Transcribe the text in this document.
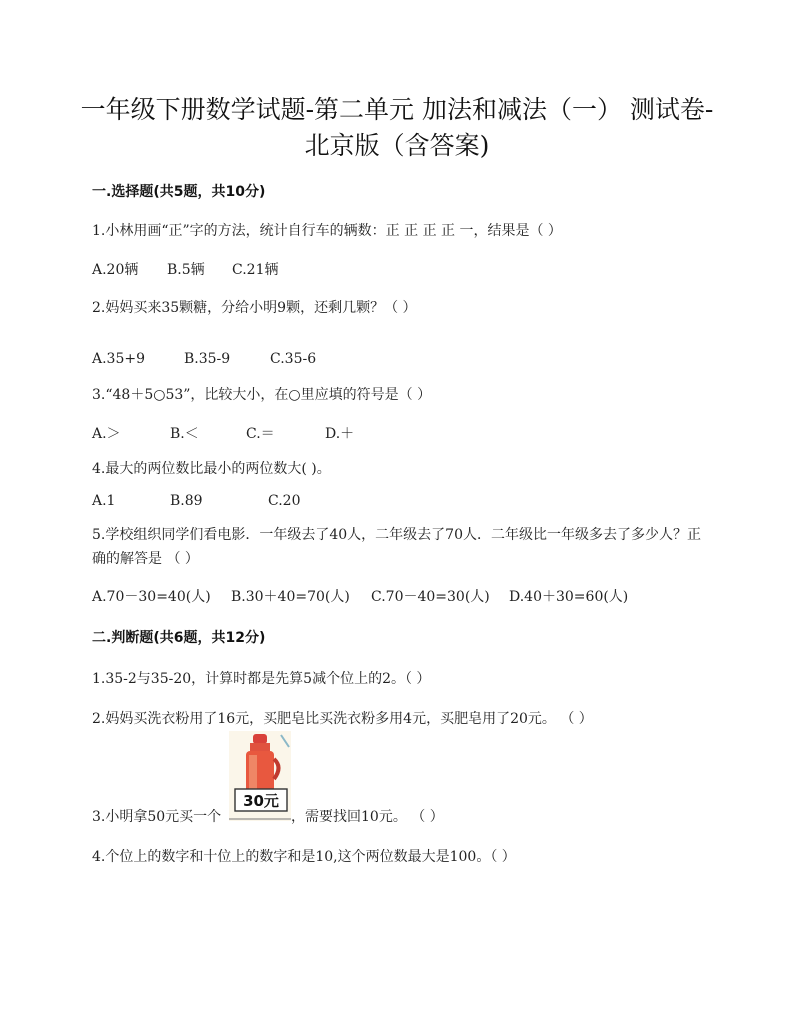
一年级下册数学试题-第二单元 加法和减法（一） 测试卷-
北京版（含答案)
一.选择题(共5题，共10分)
1.小林用画“正”字的方法，统计自行车的辆数：正 正 正 正 一，结果是（ ）
A.20辆 B.5辆 C.21辆
2.妈妈买来35颗糖，分给小明9颗，还剩几颗？（ ）
A.35+9	B.35-9	C.35-6
3.“48＋5○53”，比较大小，在○里应填的符号是（ ）
A.＞	B.＜	C.＝	D.＋
4.最大的两位数比最小的两位数大( )。
A.1	B.89	C.20
5.学校组织同学们看电影．一年级去了40人，二年级去了70人．二年级比一年级多去了多少人？正确的解答是 （ ）
A.70－30=40(人) B.30＋40=70(人) C.70－40=30(人) D.40＋30=60(人)
二.判断题(共6题，共12分)
1.35-2与35-20，计算时都是先算5减个位上的2。（ ）
2.妈妈买洗衣粉用了16元，买肥皂比买洗衣粉多用4元，买肥皂用了20元。 （ ）
3.小明拿50元买一个
30元
，需要找回10元。 （ ）
4.个位上的数字和十位上的数字和是10,这个两位数最大是100。（ ）
